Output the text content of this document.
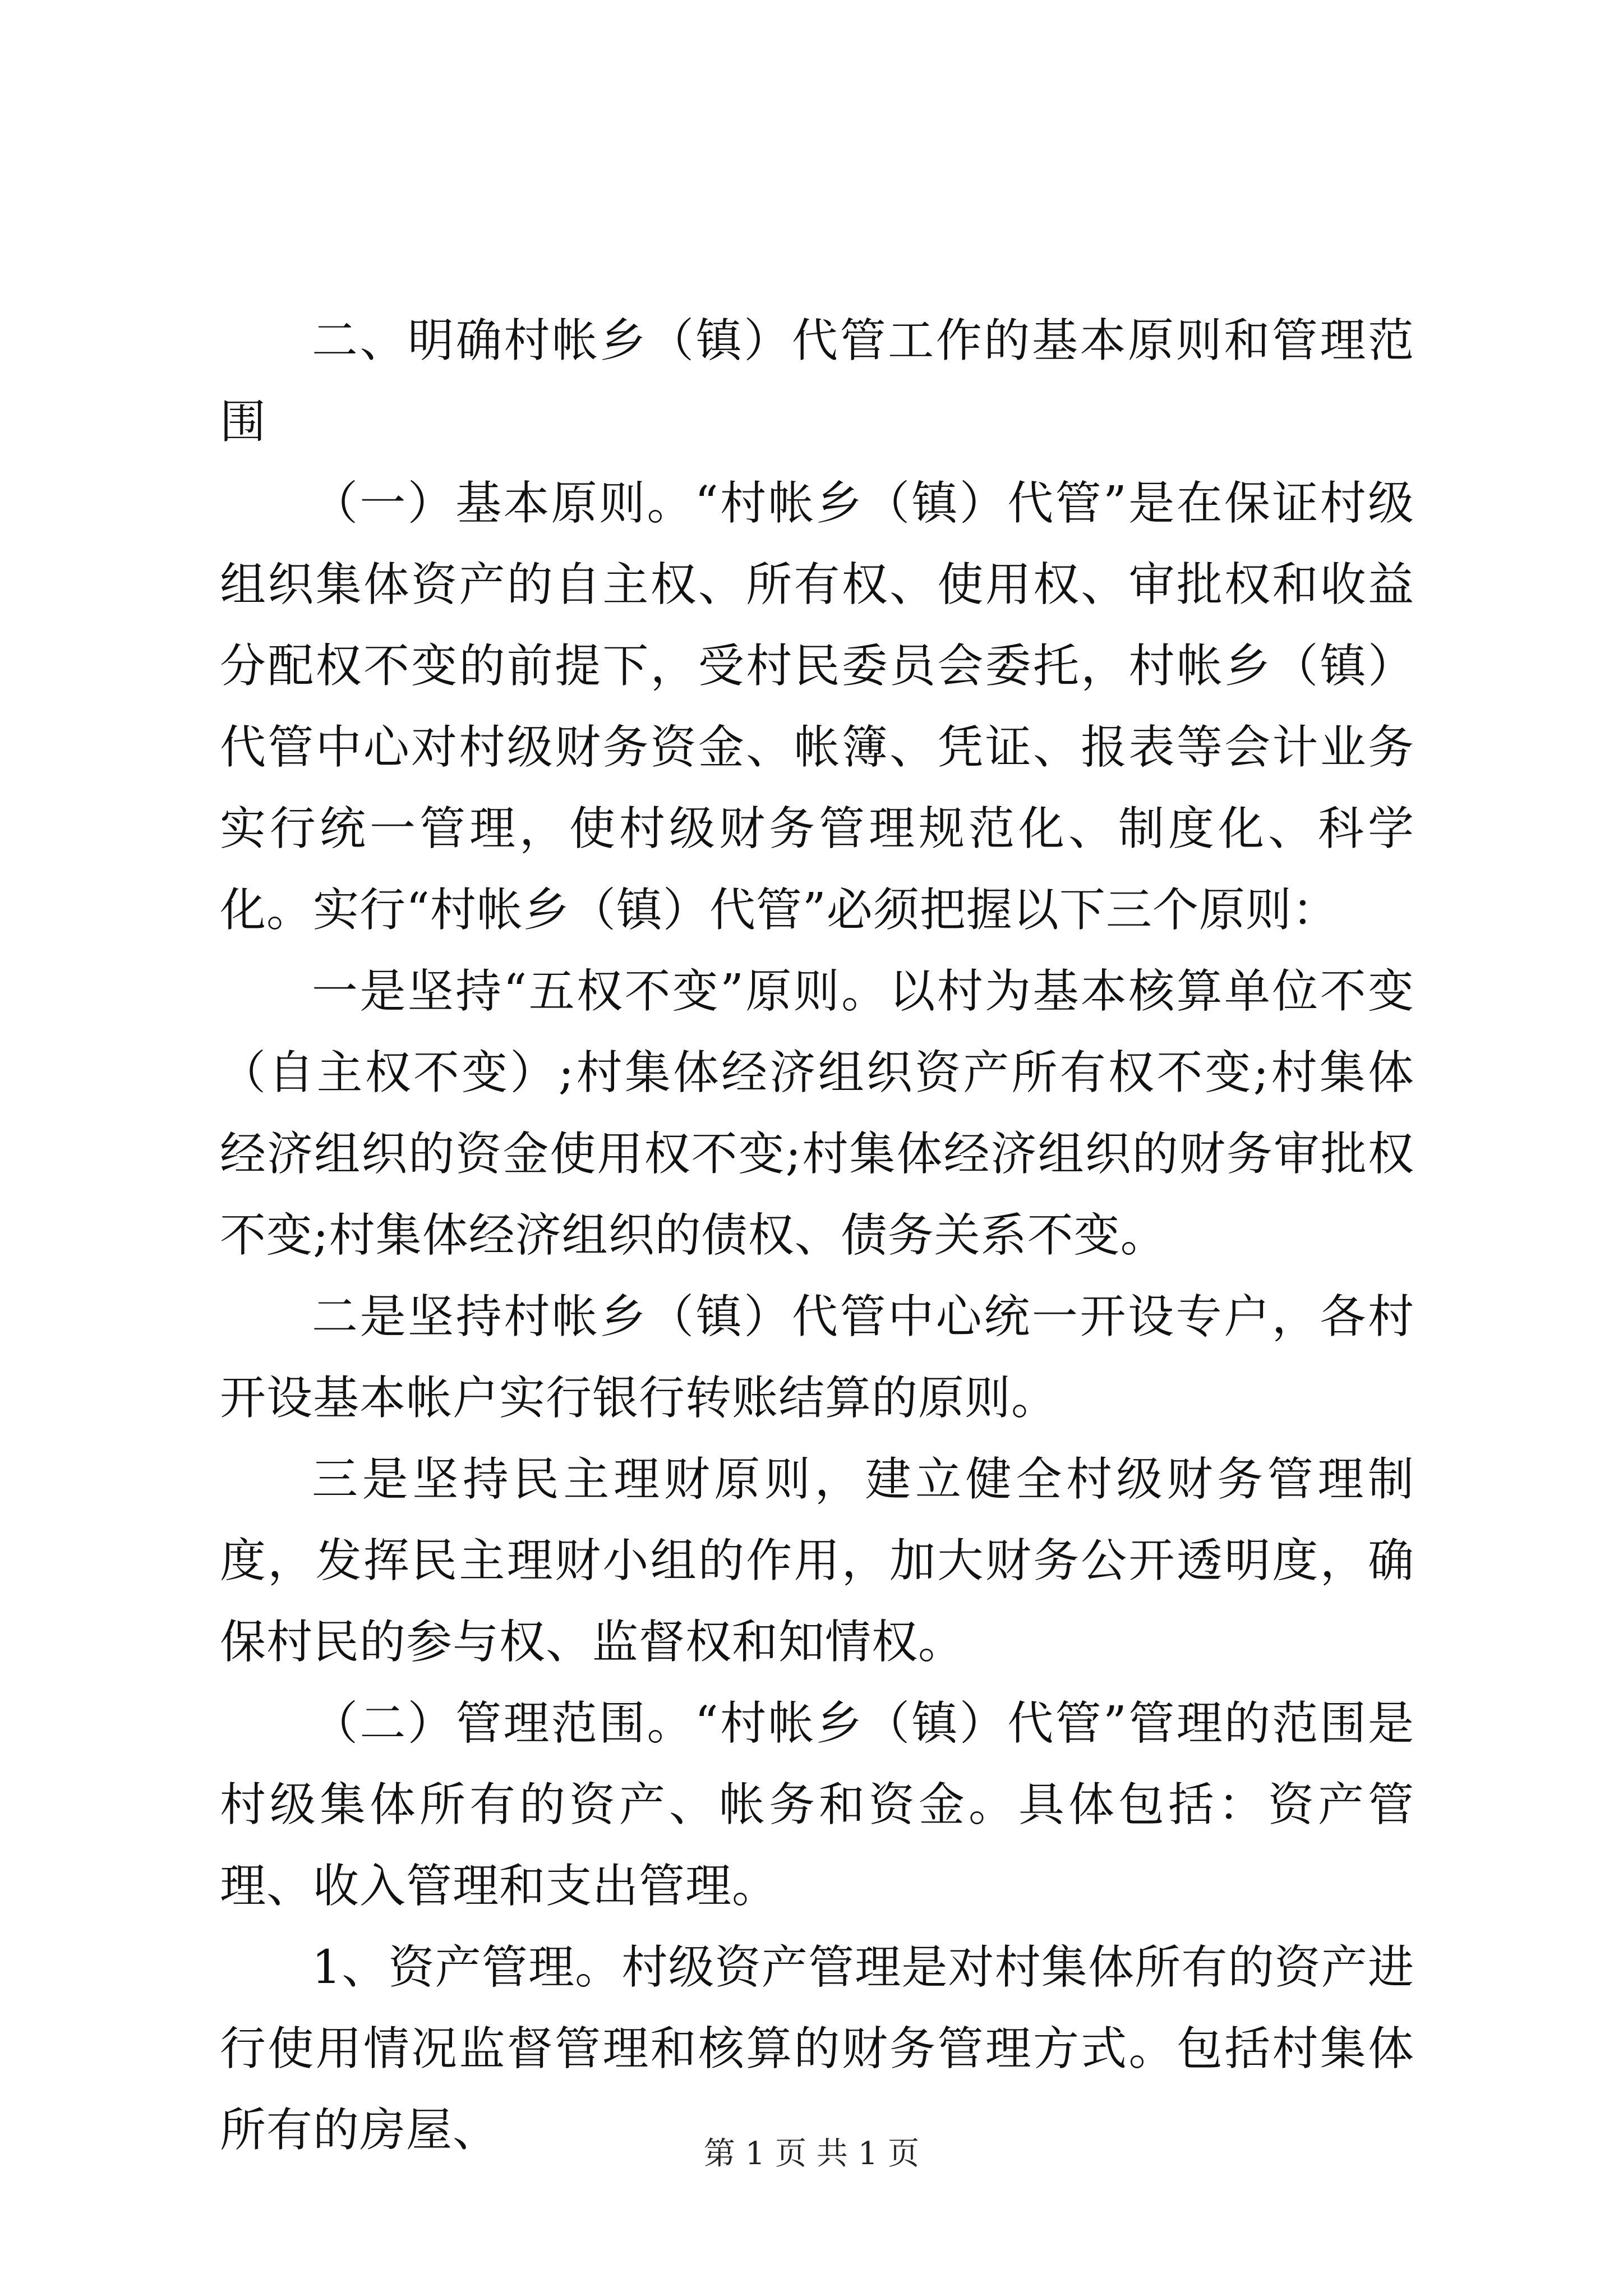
二、明确村帐乡（镇）代管工作的基本原则和管理范围

（一）基本原则。“村帐乡（镇）代管”是在保证村级组织集体资产的自主权、所有权、使用权、审批权和收益分配权不变的前提下，受村民委员会委托，村帐乡（镇）代管中心对村级财务资金、帐簿、凭证、报表等会计业务实行统一管理，使村级财务管理规范化、制度化、科学化。实行“村帐乡（镇）代管”必须把握以下三个原则：

一是坚持“五权不变”原则。以村为基本核算单位不变（自主权不变）;村集体经济组织资产所有权不变;村集体经济组织的资金使用权不变;村集体经济组织的财务审批权不变;村集体经济组织的债权、债务关系不变。

二是坚持村帐乡（镇）代管中心统一开设专户，各村开设基本帐户实行银行转账结算的原则。

三是坚持民主理财原则，建立健全村级财务管理制度，发挥民主理财小组的作用，加大财务公开透明度，确保村民的参与权、监督权和知情权。

（二）管理范围。“村帐乡（镇）代管”管理的范围是村级集体所有的资产、帐务和资金。具体包括：资产管理、收入管理和支出管理。

1、资产管理。村级资产管理是对村集体所有的资产进行使用情况监督管理和核算的财务管理方式。包括村集体所有的房屋、	第 1 页 共 1 页
